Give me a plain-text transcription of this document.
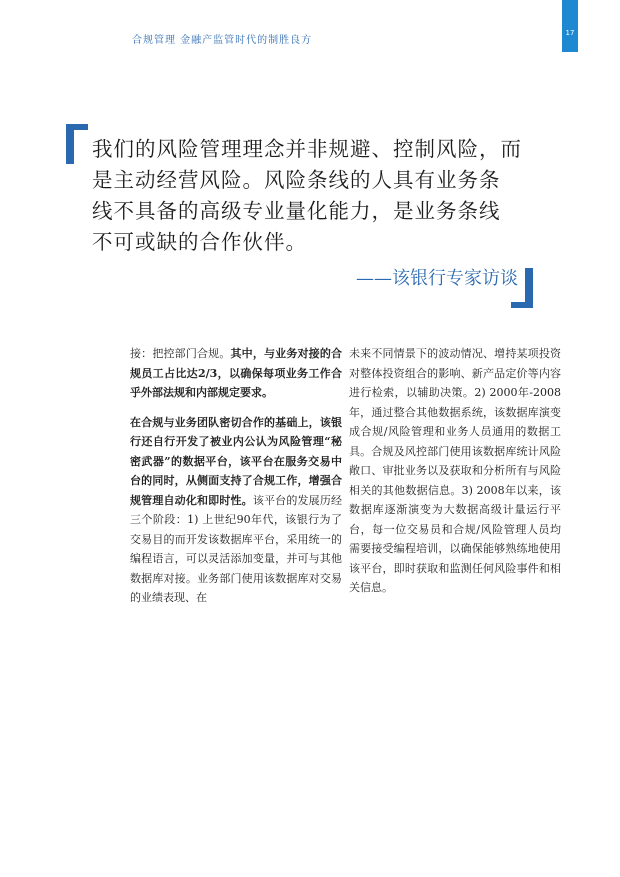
合规管理 金融产监管时代的制胜良方
17

我们的风险管理理念并非规避、控制风险，而

是主动经营风险。风险条线的人具有业务条

线不具备的高级专业量化能力，是业务条线

不可或缺的合作伙伴。

——该银行专家访谈

接：把控部门合规。其中，与业务对接的合规员工占比达2/3，以确保每项业务工作合乎外部法规和内部规定要求。

在合规与业务团队密切合作的基础上，该银行还自行开发了被业内公认为风险管理“秘密武器”的数据平台，该平台在服务交易中台的同时，从侧面支持了合规工作，增强合规管理自动化和即时性。该平台的发展历经三个阶段：1) 上世纪90年代，该银行为了交易目的而开发该数据库平台，采用统一的编程语言，可以灵活添加变量，并可与其他数据库对接。业务部门使用该数据库对交易的业绩表现、在

未来不同情景下的波动情况、增持某项投资对整体投资组合的影响、新产品定价等内容进行检索，以辅助决策。2) 2000年-2008年，通过整合其他数据系统，该数据库演变成合规/风险管理和业务人员通用的数据工具。合规及风控部门使用该数据库统计风险敞口、审批业务以及获取和分析所有与风险相关的其他数据信息。3) 2008年以来，该数据库逐渐演变为大数据高级计量运行平台，每一位交易员和合规/风险管理人员均需要接受编程培训，以确保能够熟练地使用该平台，即时获取和监测任何风险事件和相关信息。
